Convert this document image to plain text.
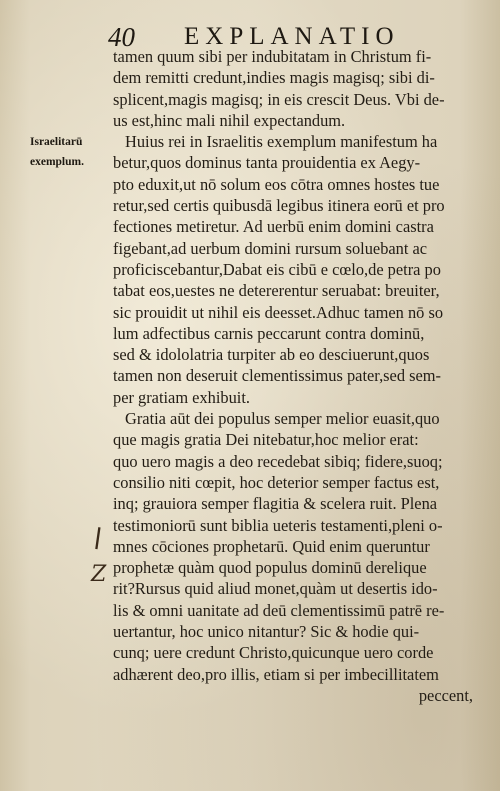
40 EXPLANATIO
Israelitarū
exemplum.
|
Z
tamen quum sibi per indubitatam in Christum fi-
dem remitti credunt,indies magis magisq; sibi di-
splicent,magis magisq; in eis crescit Deus. Vbi de-
us est,hinc mali nihil expectandum.
Huius rei in Israelitis exemplum manifestum ha
betur,quos dominus tanta prouidentia ex Aegy-
pto eduxit,ut nō solum eos cōtra omnes hostes tue
retur,sed certis quibusdā legibus itinera eorū et pro
fectiones metiretur. Ad uerbū enim domini castra
figebant,ad uerbum domini rursum soluebant ac
proficiscebantur,Dabat eis cibū e cœlo,de petra po
tabat eos,uestes ne detererentur seruabat: breuiter,
sic prouidit ut nihil eis deesset.Adhuc tamen nō so
lum adfectibus carnis peccarunt contra dominū,
sed & idololatria turpiter ab eo desciuerunt,quos
tamen non deseruit clementissimus pater,sed sem-
per gratiam exhibuit.
Gratia aūt dei populus semper melior euasit,quo
que magis gratia Dei nitebatur,hoc melior erat:
quo uero magis a deo recedebat sibiq; fidere,suoq;
consilio niti cœpit, hoc deterior semper factus est,
inq; grauiora semper flagitia & scelera ruit. Plena
testimoniorū sunt biblia ueteris testamenti,pleni o-
mnes cōciones prophetarū. Quid enim queruntur
prophetæ quàm quod populus dominū derelique
rit?Rursus quid aliud monet,quàm ut desertis ido-
lis & omni uanitate ad deū clementissimū patrē re-
uertantur, hoc unico nitantur? Sic & hodie qui-
cunq; uere credunt Christo,quicunque uero corde
adhærent deo,pro illis, etiam si per imbecillitatem
peccent,
